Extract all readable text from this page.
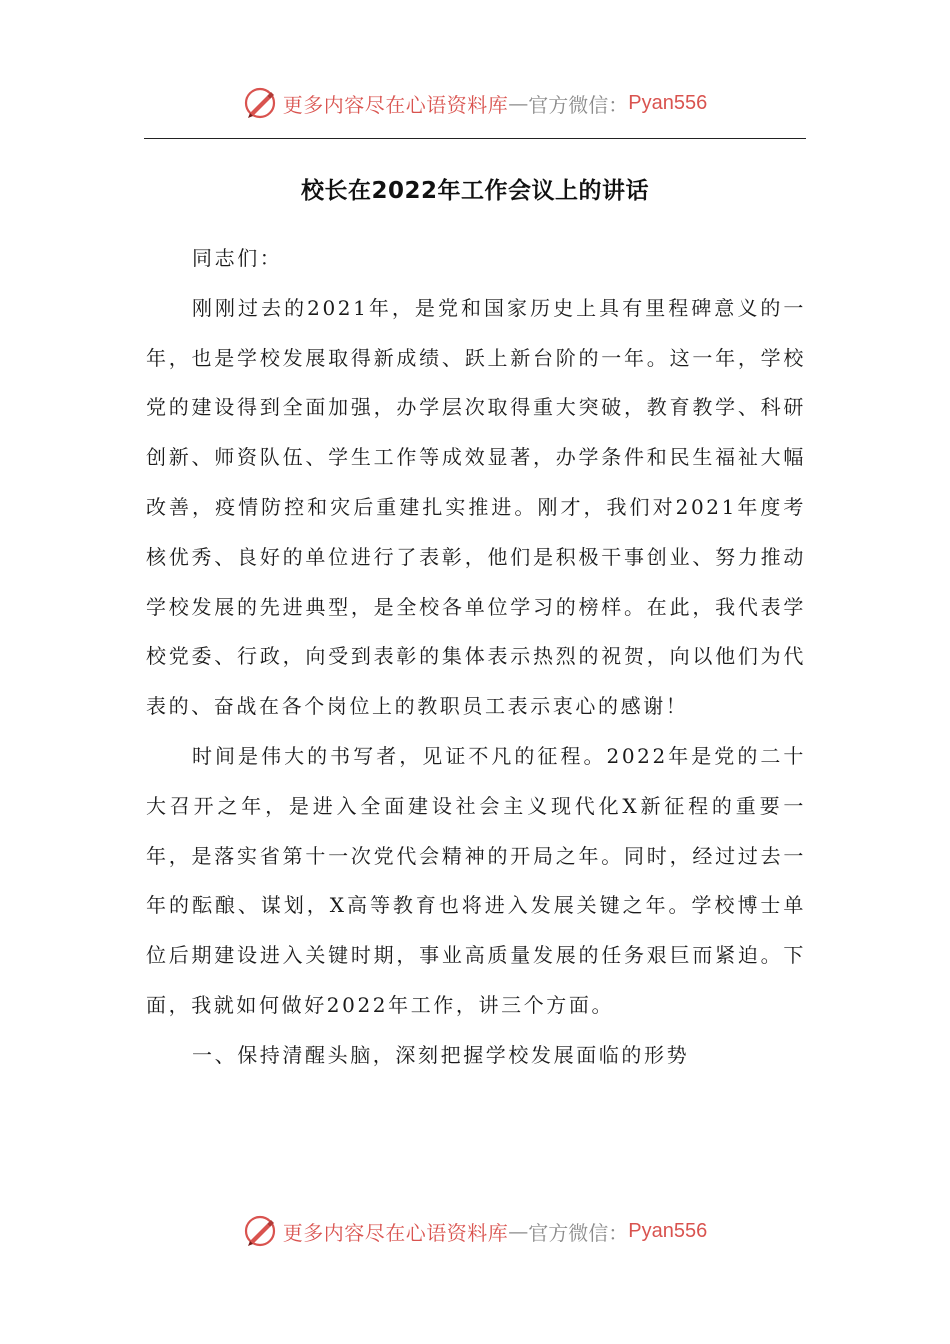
更多内容尽在心语资料库 — 官方微信： Pyan556
校长在2022年工作会议上的讲话

同志们：

刚刚过去的2021年，是党和国家历史上具有里程碑意义的一年，也是学校发展取得新成绩、跃上新台阶的一年。这一年，学校党的建设得到全面加强，办学层次取得重大突破，教育教学、科研创新、师资队伍、学生工作等成效显著，办学条件和民生福祉大幅改善，疫情防控和灾后重建扎实推进。刚才，我们对2021年度考核优秀、良好的单位进行了表彰，他们是积极干事创业、努力推动学校发展的先进典型，是全校各单位学习的榜样。在此，我代表学校党委、行政，向受到表彰的集体表示热烈的祝贺，向以他们为代表的、奋战在各个岗位上的教职员工表示衷心的感谢！

时间是伟大的书写者，见证不凡的征程。2022年是党的二十大召开之年，是进入全面建设社会主义现代化X新征程的重要一年，是落实省第十一次党代会精神的开局之年。同时，经过过去一年的酝酿、谋划，X高等教育也将进入发展关键之年。学校博士单位后期建设进入关键时期，事业高质量发展的任务艰巨而紧迫。下面，我就如何做好2022年工作，讲三个方面。

一、保持清醒头脑，深刻把握学校发展面临的形势

更多内容尽在心语资料库 — 官方微信： Pyan556
